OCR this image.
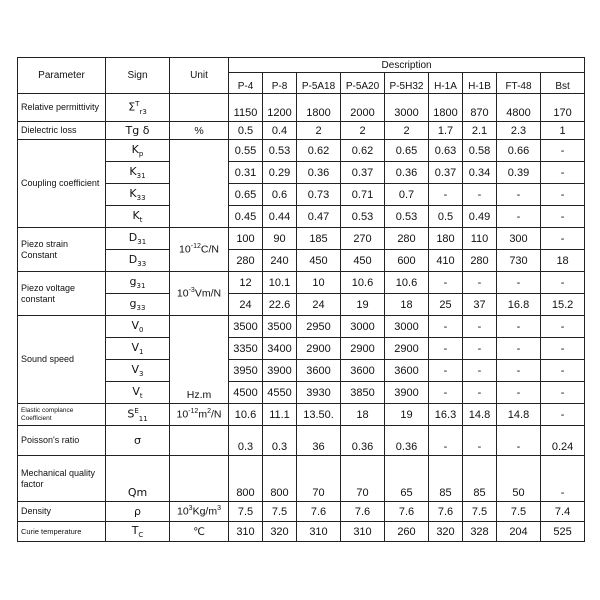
Parameter	Sign	Unit	Description								
			P-4	P-8	P-5A18	P-5A20	P-5H32	H-1A	H-1B	FT-48	Bst
Relative permittivity	$\Sigma^T_{r3}$		1150	1200	1800	2000	3000	1800	870	4800	170
Dielectric loss	Tg δ	%	0.5	0.4	2	2	2	1.7	2.1	2.3	1
Coupling coefficient	$K_p$		0.55	0.53	0.62	0.62	0.65	0.63	0.58	0.66	-
	$K_{31}$		0.31	0.29	0.36	0.37	0.36	0.37	0.34	0.39	-
	$K_{33}$		0.65	0.6	0.73	0.71	0.7	-	-	-	-
	$K_t$		0.45	0.44	0.47	0.53	0.53	0.5	0.49	-	-
Piezo strain Constant	$D_{31}$	$10^{-12}C/N$	100	90	185	270	280	180	110	300	-
	$D_{33}$		280	240	450	450	600	410	280	730	18
Piezo voltage constant	$g_{31}$	$10^{-3}Vm/N$	12	10.1	10	10.6	10.6	-	-	-	-
	$g_{33}$		24	22.6	24	19	18	25	37	16.8	15.2
Sound speed	$V_0$	Hz.m	3500	3500	2950	3000	3000	-	-	-	-
	$V_1$		3350	3400	2900	2900	2900	-	-	-	-
	$V_3$		3950	3900	3600	3600	3600	-	-	-	-
	$V_t$		4500	4550	3930	3850	3900	-	-	-	-
Elastic complance Coefficient	$S^E_{11}$	$10^{-12}m^2/N$	10.6	11.1	13.50.	18	19	16.3	14.8	14.8	-
Poisson's ratio	σ		0.3	0.3	36	0.36	0.36	-	-	-	0.24
Mechanical quality factor	Qm		800	800	70	70	65	85	85	50	-
Density	ρ	$10^3Kg/m^3$	7.5	7.5	7.6	7.6	7.6	7.6	7.5	7.5	7.4
Curie temperature	$T_C$	℃	310	320	310	310	260	320	328	204	525
